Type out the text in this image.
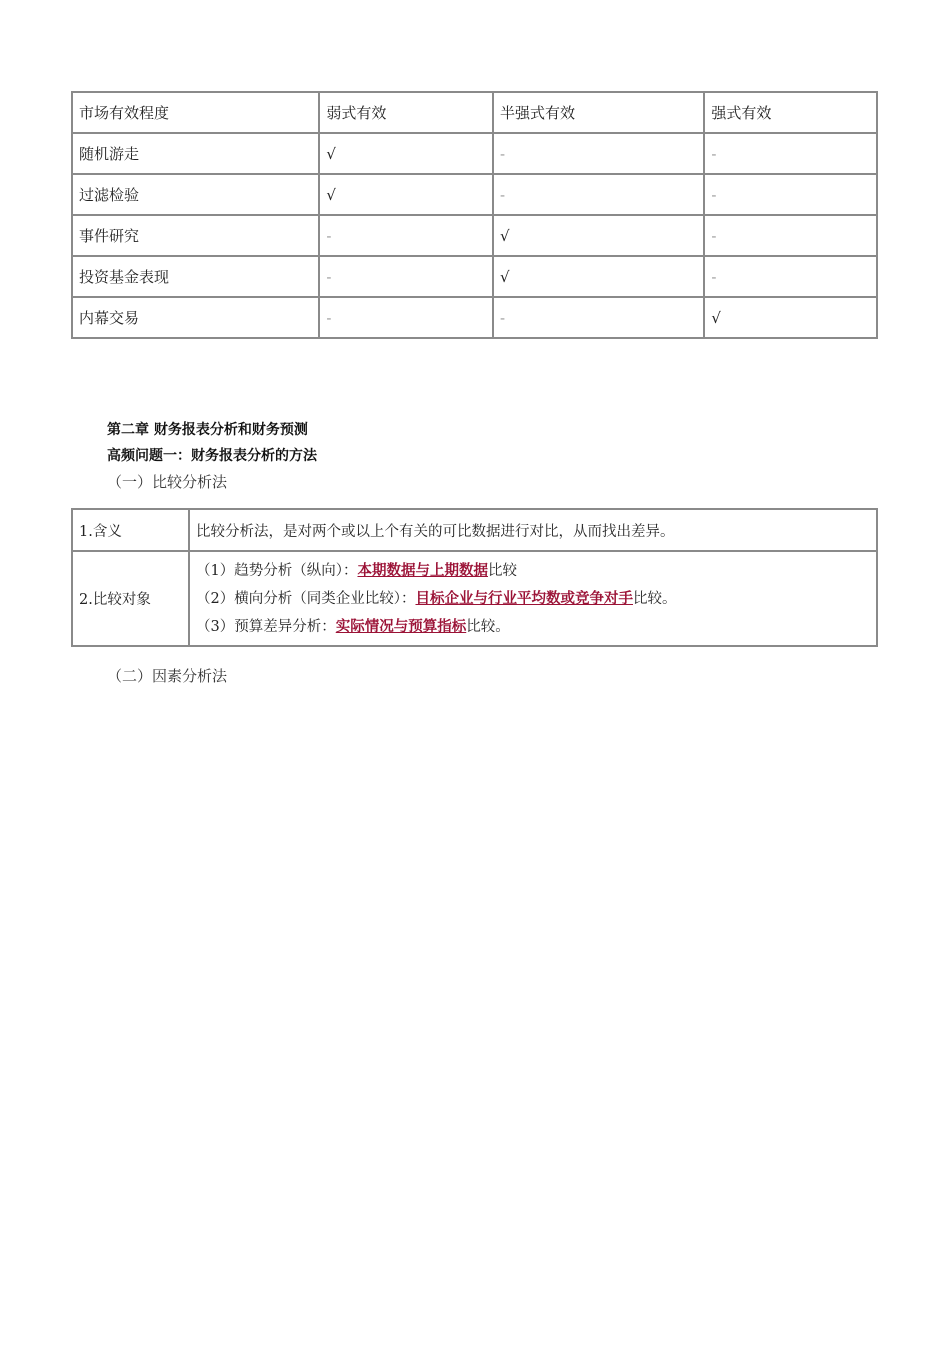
市场有效程度	弱式有效	半强式有效	强式有效
随机游走	√	-	-
过滤检验	√	-	-
事件研究	-	√	-
投资基金表现	-	√	-
内幕交易	-	-	√
第二章 财务报表分析和财务预测
高频问题一：财务报表分析的方法
（一）比较分析法
1.含义	比较分析法，是对两个或以上个有关的可比数据进行对比，从而找出差异。
2.比较对象	（1）趋势分析（纵向）：本期数据与上期数据比较
（2）横向分析（同类企业比较）：目标企业与行业平均数或竞争对手比较。
（3）预算差异分析：实际情况与预算指标比较。
（二）因素分析法
